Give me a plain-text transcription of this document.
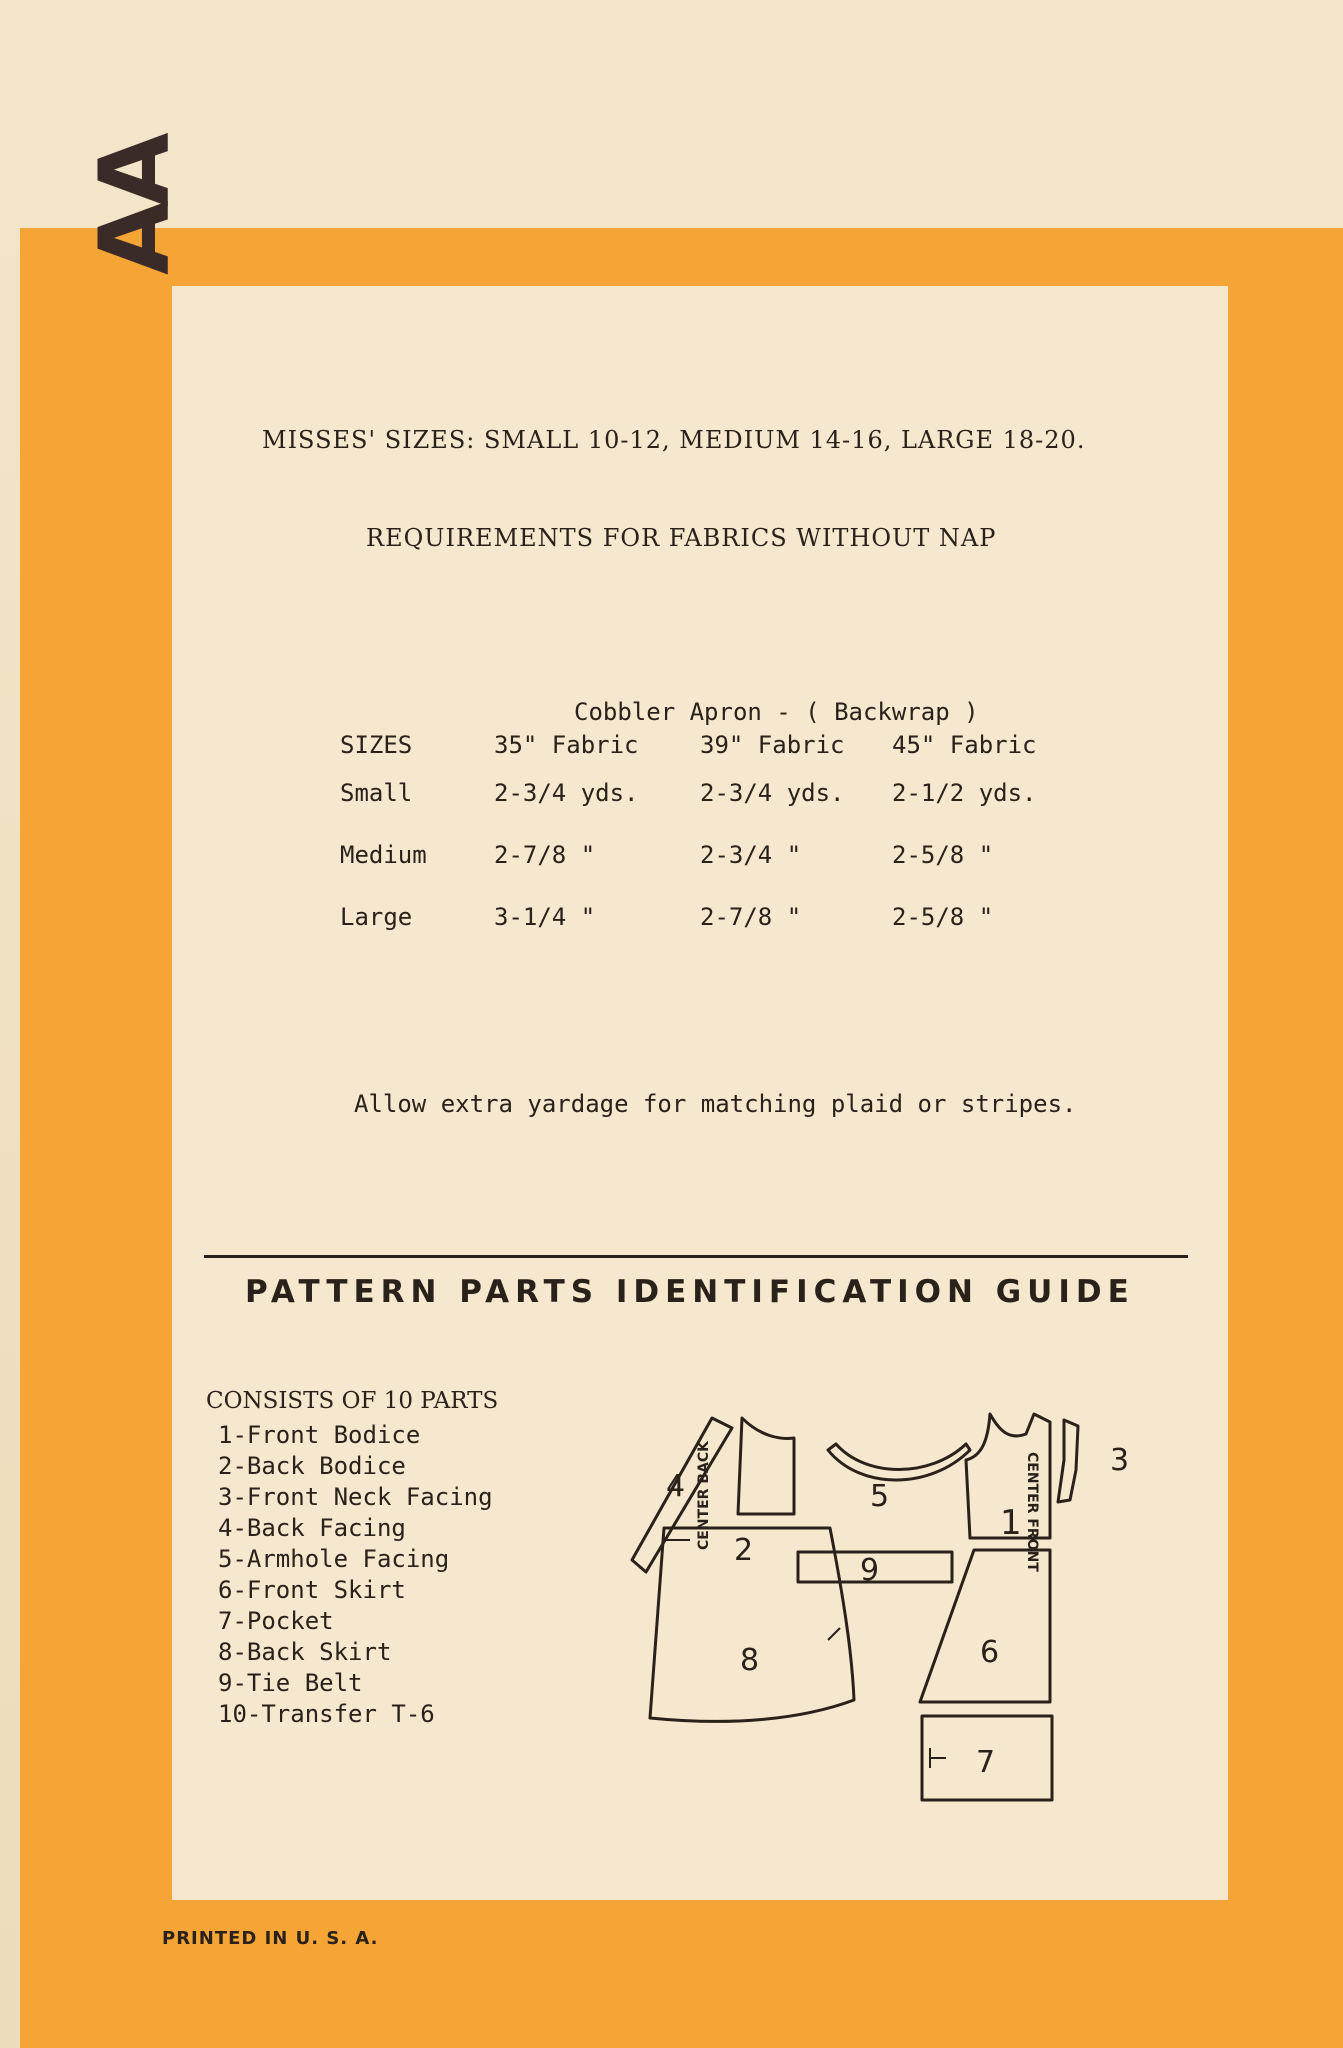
AA
MISSES' SIZES: SMALL 10-12, MEDIUM 14-16, LARGE 18-20.
REQUIREMENTS FOR FABRICS WITHOUT NAP
Cobbler Apron - ( Backwrap )
SIZES	35" Fabric	39" Fabric	45" Fabric
Small	2-3/4 yds.	2-3/4 yds.	2-1/2 yds.
Medium	2-7/8 "	2-3/4 "	2-5/8 "
Large	3-1/4 "	2-7/8 "	2-5/8 "
Allow extra yardage for matching plaid or stripes.
PATTERN PARTS IDENTIFICATION GUIDE
CONSISTS OF 10 PARTS
1-Front Bodice
2-Back Bodice
3-Front Neck Facing
4-Back Facing
5-Armhole Facing
6-Front Skirt
7-Pocket
8-Back Skirt
9-Tie Belt
10-Transfer T-6
CENTER BACK	CENTER FRONT
1
2
3
4	5
6
7
8
9
PRINTED IN U. S. A.
